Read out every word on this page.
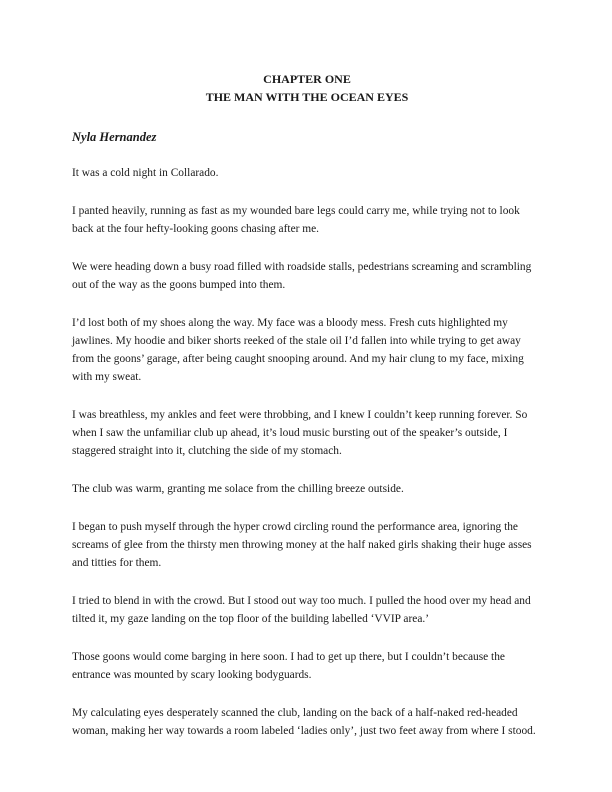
CHAPTER ONE

THE MAN WITH THE OCEAN EYES

Nyla Hernandez

It was a cold night in Collarado.

I panted heavily, running as fast as my wounded bare legs could carry me, while trying not to look back at the four hefty-looking goons chasing after me.

We were heading down a busy road filled with roadside stalls, pedestrians screaming and scrambling out of the way as the goons bumped into them.

I’d lost both of my shoes along the way. My face was a bloody mess. Fresh cuts highlighted my jawlines. My hoodie and biker shorts reeked of the stale oil I’d fallen into while trying to get away from the goons’ garage, after being caught snooping around. And my hair clung to my face, mixing with my sweat.

I was breathless, my ankles and feet were throbbing, and I knew I couldn’t keep running forever. So when I saw the unfamiliar club up ahead, it’s loud music bursting out of the speaker’s outside, I staggered straight into it, clutching the side of my stomach.

The club was warm, granting me solace from the chilling breeze outside.

I began to push myself through the hyper crowd circling round the performance area, ignoring the screams of glee from the thirsty men throwing money at the half naked girls shaking their huge asses and titties for them.

I tried to blend in with the crowd. But I stood out way too much. I pulled the hood over my head and tilted it, my gaze landing on the top floor of the building labelled ‘VVIP area.’

Those goons would come barging in here soon. I had to get up there, but I couldn’t because the entrance was mounted by scary looking bodyguards.

My calculating eyes desperately scanned the club, landing on the back of a half-naked red-headed woman, making her way towards a room labeled ‘ladies only’, just two feet away from where I stood.
